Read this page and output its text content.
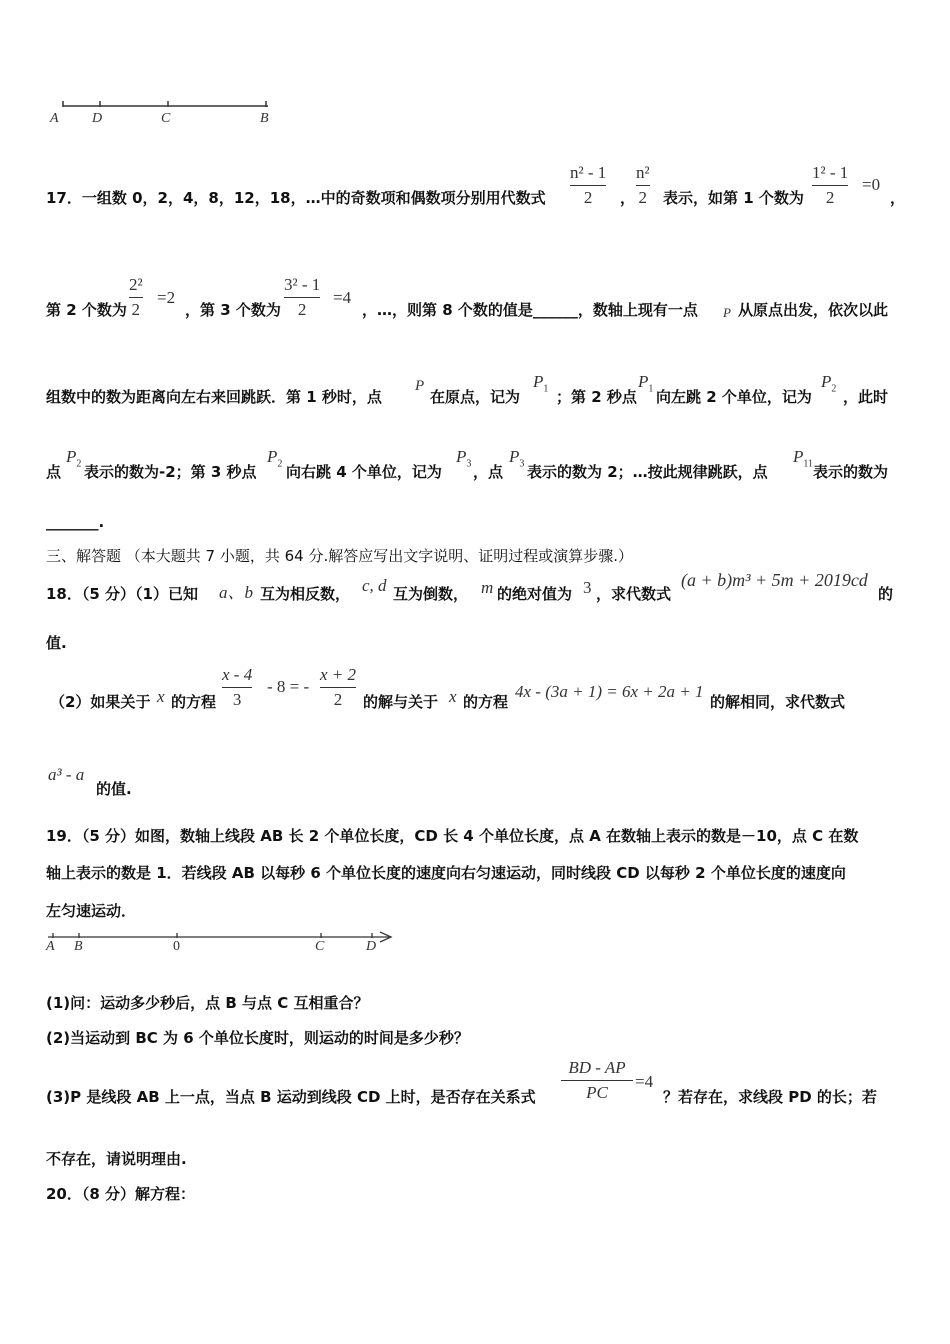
A D	C	B
17．一组数 0，2，4，8，12，18，…中的奇数项和偶数项分别用代数式
n² - 1
2	，
n²
2 表示，如第 1 个数为
1² - 1
2
=0
，
第 2 个数为
2²
2
=2
，第 3 个数为
3² - 1
2
=4
，…，则第 8 个数的值是______，数轴上现有一点 P 从原点出发，依次以此
组数中的数为距离向左右来回跳跃．第 1 秒时，点
P
在原点，记为
$P_1$ ；第 2 秒点
$P_1$ 向左跳 2 个单位，记为
$P_2$ ，此时
点
$P_2$ 表示的数为-2；第 3 秒点
$P_2$ 向右跳 4 个单位，记为
$P_3$ ，点
$P_3$ 表示的数为 2；…按此规律跳跃，点
$P_{11}$ 表示的数为
_______.
三、解答题 （本大题共 7 小题，共 64 分.解答应写出文字说明、证明过程或演算步骤.）
18．（5 分）（1）已知 a、b 互为相反数， c, d 互为倒数， m 的绝对值为 3 ，求代数式
(a + b)m³ + 5m + 2019cd
的
值.
（2）如果关于 x 的方程
x - 4
3
- 8 = -
x + 2
2	的解与关于 x 的方程
4x - (3a + 1) = 6x + 2a + 1
的解相同，求代数式
a³ - a
的值.
19．（5 分）如图，数轴上线段 AB 长 2 个单位长度，CD 长 4 个单位长度，点 A 在数轴上表示的数是－10，点 C 在数
轴上表示的数是 1．若线段 AB 以每秒 6 个单位长度的速度向右匀速运动，同时线段 CD 以每秒 2 个单位长度的速度向
左匀速运动．
A B	0	C	D
(1)问：运动多少秒后，点 B 与点 C 互相重合？
(2)当运动到 BC 为 6 个单位长度时，则运动的时间是多少秒？
(3)P 是线段 AB 上一点，当点 B 运动到线段 CD 上时，是否存在关系式
BD - AP
PC
=4
？若存在，求线段 PD 的长；若
不存在，请说明理由.
20．（8 分）解方程：
